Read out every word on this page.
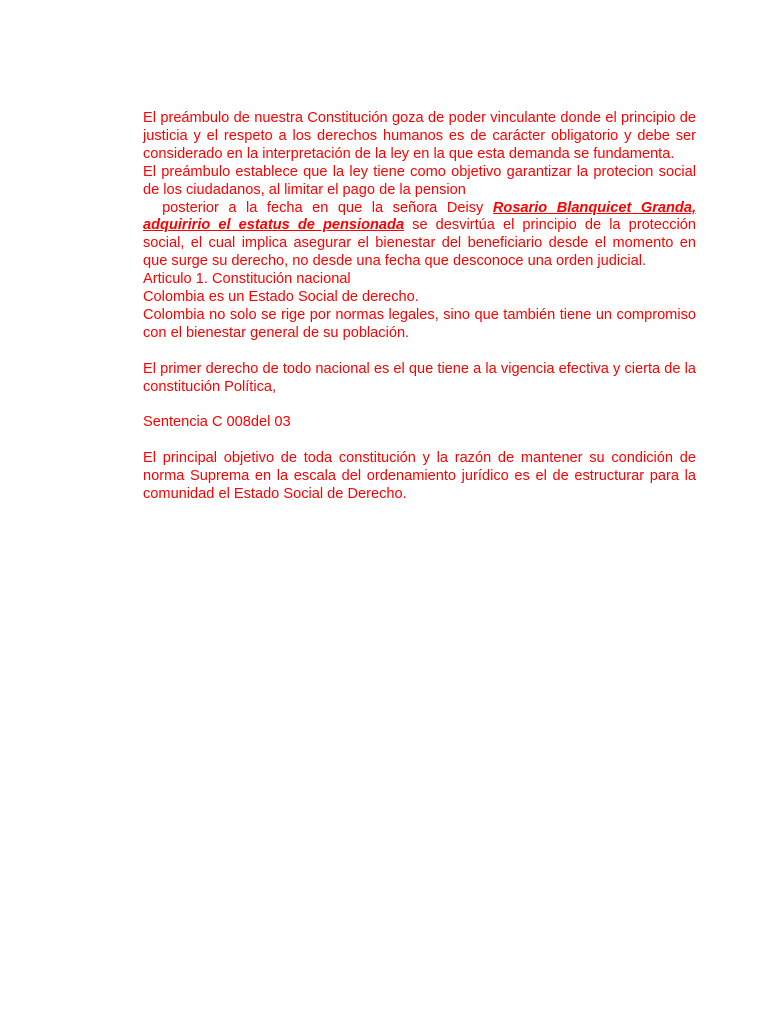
El preámbulo de nuestra Constitución goza de poder vinculante donde el principio de justicia y el respeto a los derechos humanos es de carácter obligatorio y debe ser considerado en la interpretación de la ley en la que esta demanda se fundamenta.

El preámbulo establece que la ley tiene como objetivo garantizar la protecion social de los ciudadanos, al limitar el pago de la pension

posterior a la fecha en que la señora Deisy Rosario Blanquicet Granda, adquiririo el estatus de pensionada se desvirtúa el principio de la protección social, el cual implica asegurar el bienestar del beneficiario desde el momento en que surge su derecho, no desde una fecha que desconoce una orden judicial.

Articulo 1. Constitución nacional

Colombia es un Estado Social de derecho.

Colombia no solo se rige por normas legales, sino que también tiene un compromiso con el bienestar general de su población.

El primer derecho de todo nacional es el que tiene a la vigencia efectiva y cierta de la constitución Política,

Sentencia C 008del 03

El principal objetivo de toda constitución y la razón de mantener su condición de norma Suprema en la escala del ordenamiento jurídico es el de estructurar para la comunidad el Estado Social de Derecho.
